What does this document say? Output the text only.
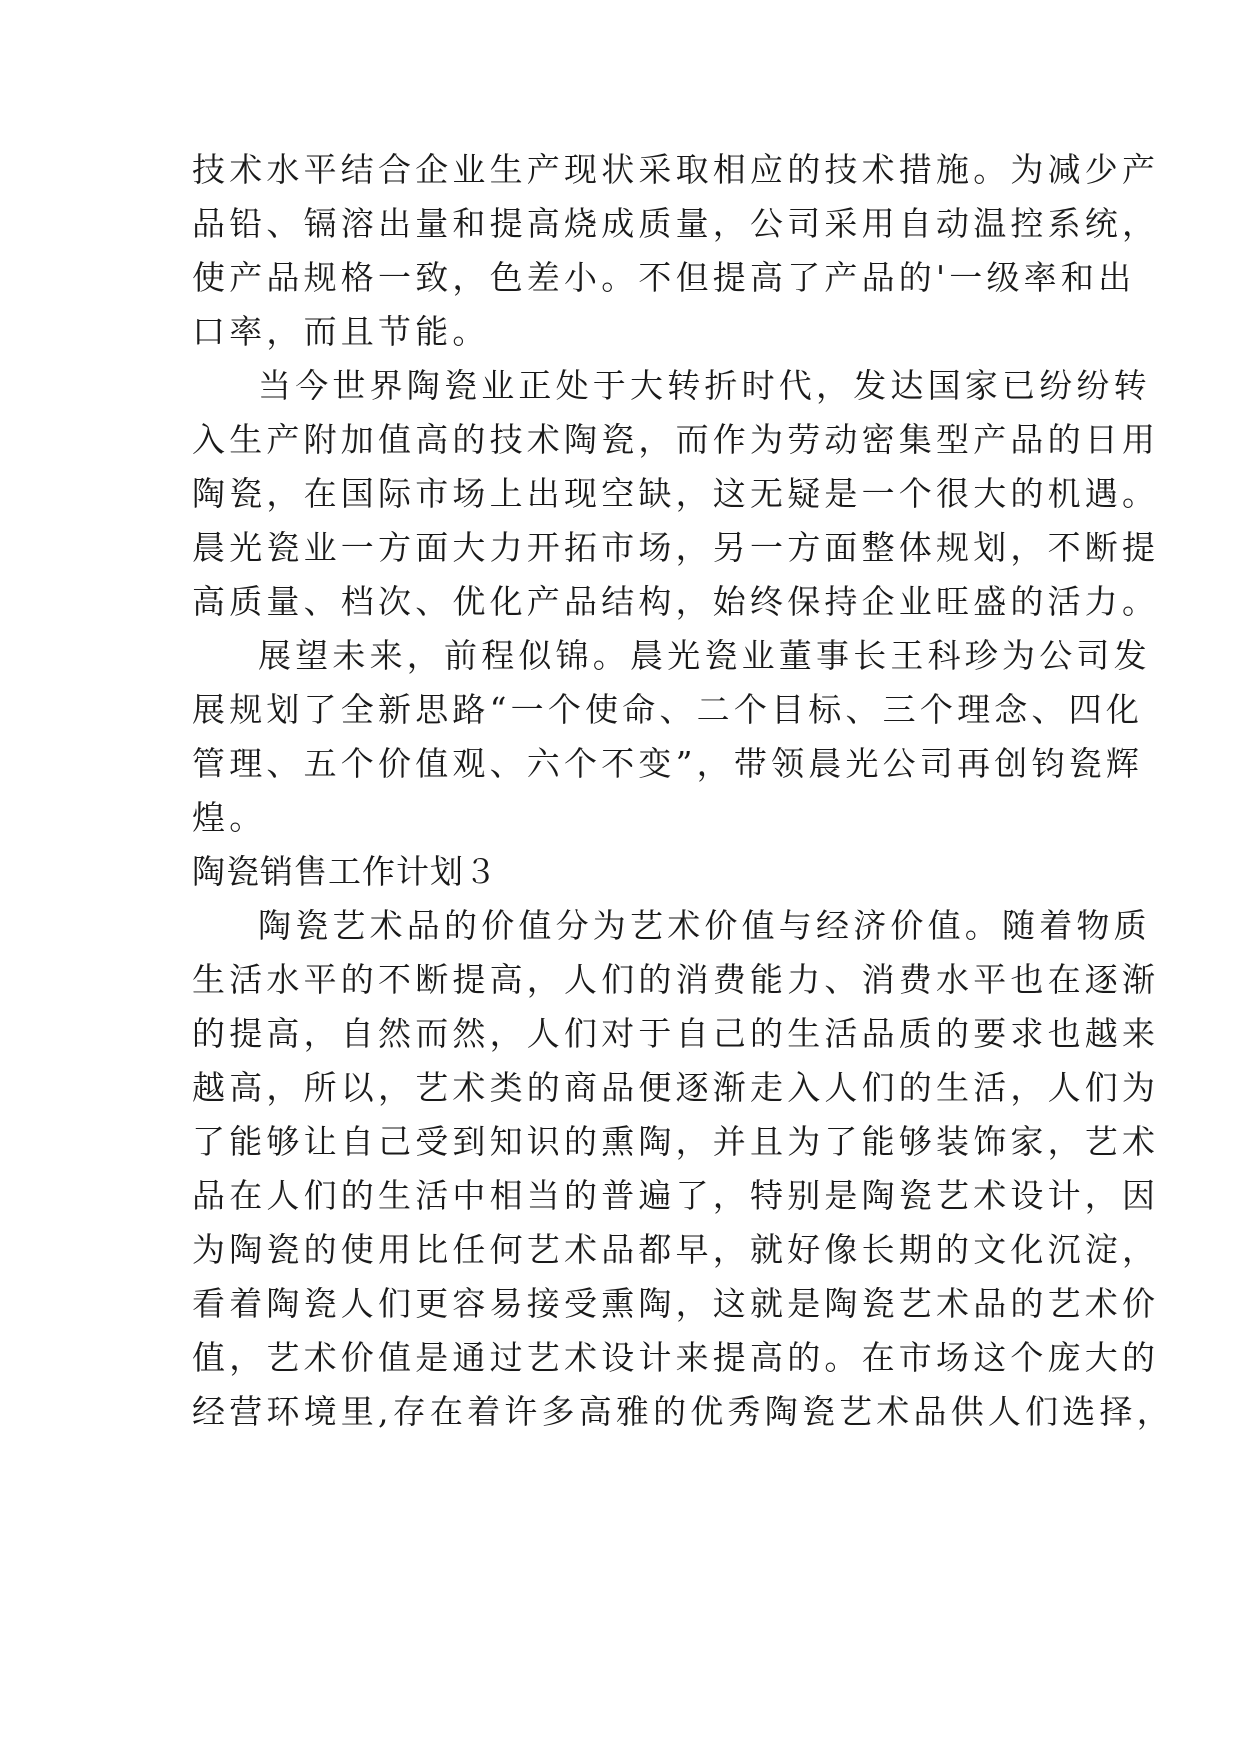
技术水平结合企业生产现状采取相应的技术措施。为减少产
品铅、镉溶出量和提高烧成质量，公司采用自动温控系统，
使产品规格一致，色差小。不但提高了产品的'一级率和出
口率，而且节能。
当今世界陶瓷业正处于大转折时代，发达国家已纷纷转
入生产附加值高的技术陶瓷，而作为劳动密集型产品的日用
陶瓷，在国际市场上出现空缺，这无疑是一个很大的机遇。
晨光瓷业一方面大力开拓市场，另一方面整体规划，不断提
高质量、档次、优化产品结构，始终保持企业旺盛的活力。
展望未来，前程似锦。晨光瓷业董事长王科珍为公司发
展规划了全新思路“一个使命、二个目标、三个理念、四化
管理、五个价值观、六个不变”，带领晨光公司再创钧瓷辉
煌。
陶瓷销售工作计划３
陶瓷艺术品的价值分为艺术价值与经济价值。随着物质
生活水平的不断提高，人们的消费能力、消费水平也在逐渐
的提高，自然而然，人们对于自己的生活品质的要求也越来
越高，所以，艺术类的商品便逐渐走入人们的生活，人们为
了能够让自己受到知识的熏陶，并且为了能够装饰家，艺术
品在人们的生活中相当的普遍了，特别是陶瓷艺术设计，因
为陶瓷的使用比任何艺术品都早，就好像长期的文化沉淀，
看着陶瓷人们更容易接受熏陶，这就是陶瓷艺术品的艺术价
值，艺术价值是通过艺术设计来提高的。在市场这个庞大的
经营环境里,存在着许多高雅的优秀陶瓷艺术品供人们选择，
